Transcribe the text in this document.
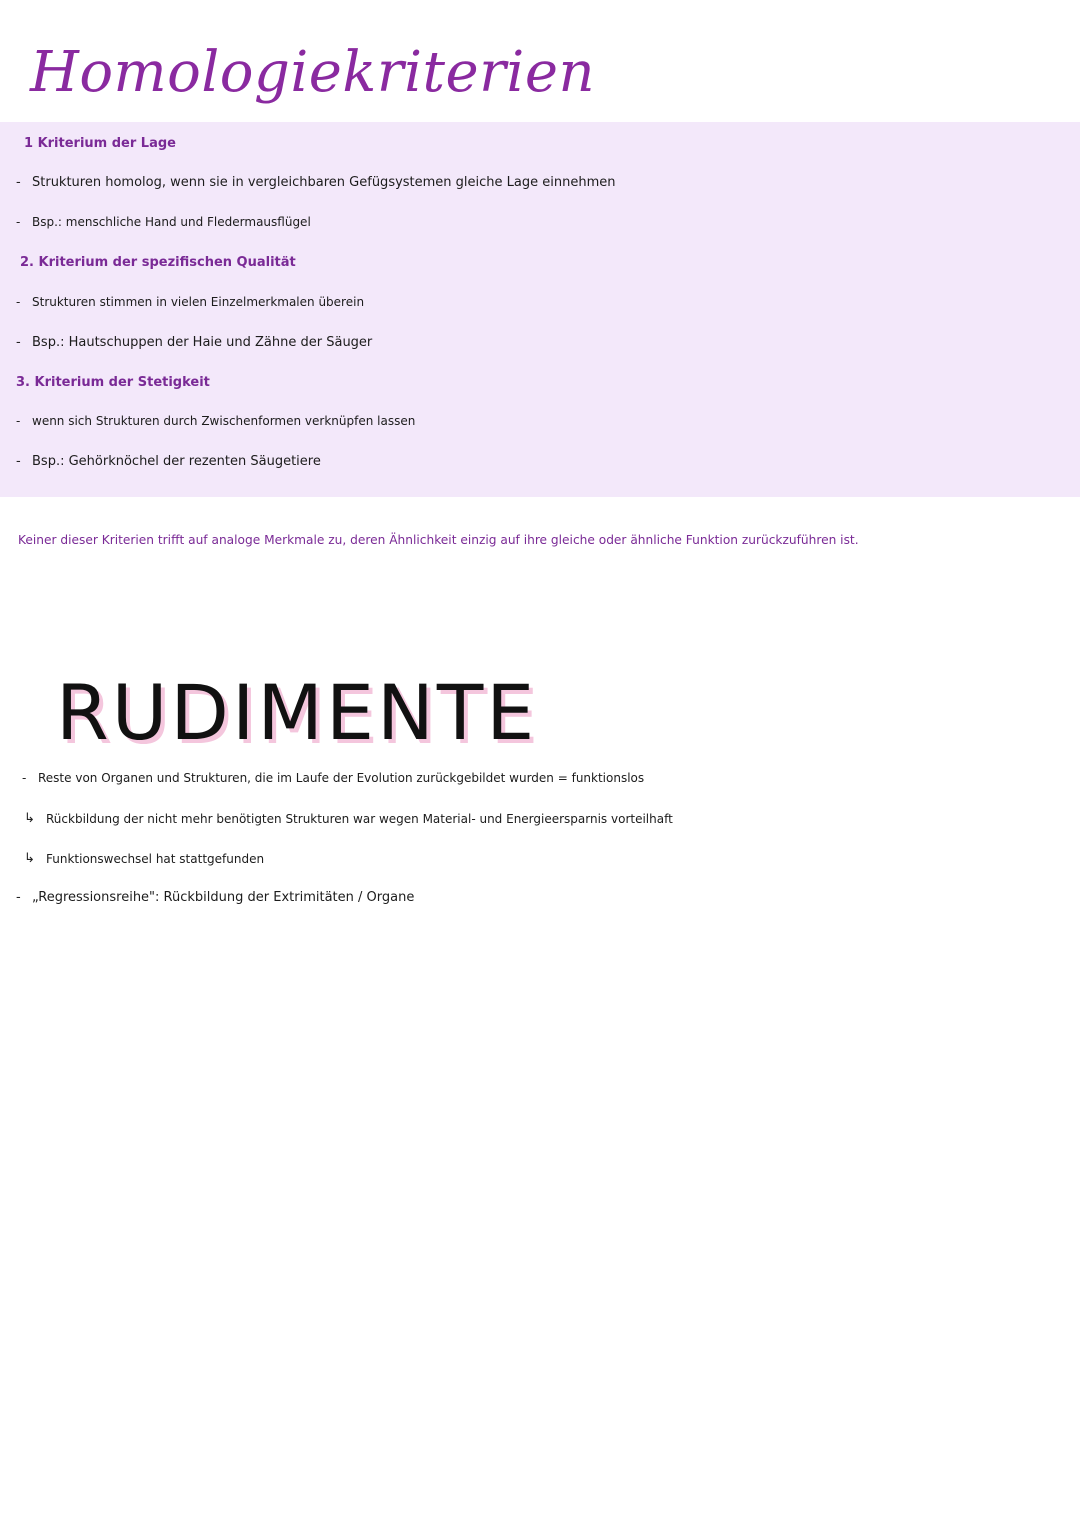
Homologiekriterien
1 Kriterium der Lage
- Strukturen homolog, wenn sie in vergleichbaren Gefügsystemen gleiche Lage einnehmen
- Bsp.: menschliche Hand und Fledermausflügel
2. Kriterium der spezifischen Qualität
- Strukturen stimmen in vielen Einzelmerkmalen überein
- Bsp.: Hautschuppen der Haie und Zähne der Säuger
3. Kriterium der Stetigkeit
- wenn sich Strukturen durch Zwischenformen verknüpfen lassen
- Bsp.: Gehörknöchel der rezenten Säugetiere
Keiner dieser Kriterien trifft auf analoge Merkmale zu, deren Ähnlichkeit einzig auf ihre gleiche oder ähnliche Funktion zurückzuführen ist.
RUDIMENTE
- Reste von Organen und Strukturen, die im Laufe der Evolution zurückgebildet wurden = funktionslos
↳ Rückbildung der nicht mehr benötigten Strukturen war wegen Material- und Energieersparnis vorteilhaft
↳ Funktionswechsel hat stattgefunden
- „Regressionsreihe": Rückbildung der Extrimitäten / Organe
